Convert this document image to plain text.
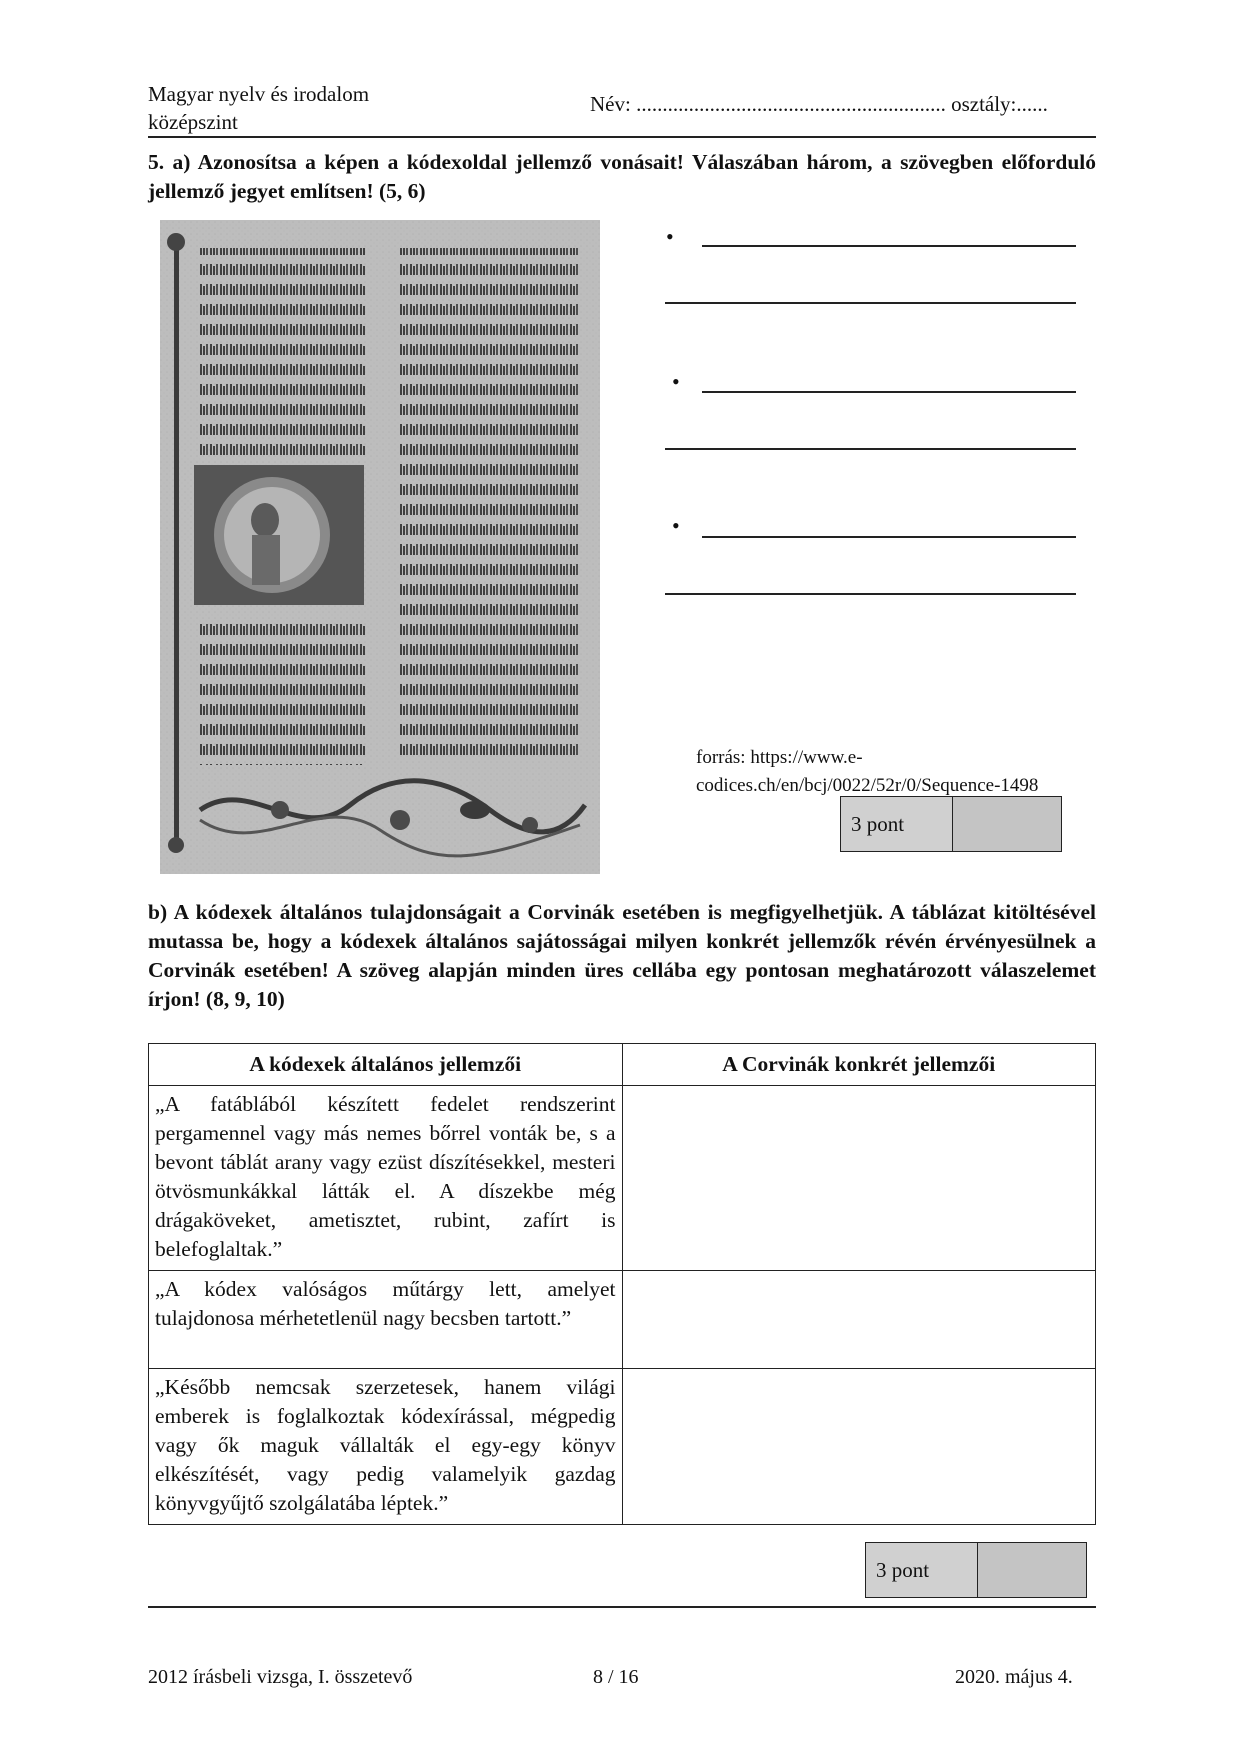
Magyar nyelv és irodalom
középszint
Név: ........................................................... osztály:......
5. a) Azonosítsa a képen a kódexoldal jellemző vonásait! Válaszában három, a szövegben előforduló jellemző jegyet említsen! (5, 6)
•
•
•
forrás: https://www.e-codices.ch/en/bcj/0022/52r/0/Sequence-1498
3 pont
b) A kódexek általános tulajdonságait a Corvinák esetében is megfigyelhetjük. A táblázat kitöltésével mutassa be, hogy a kódexek általános sajátosságai milyen konkrét jellemzők révén érvényesülnek a Corvinák esetében! A szöveg alapján minden üres cellába egy pontosan meghatározott válaszelemet írjon! (8, 9, 10)
A kódexek általános jellemzői	A Corvinák konkrét jellemzői
„A fatáblából készített fedelet rendszerint pergamennel vagy más nemes bőrrel vonták be, s a bevont táblát arany vagy ezüst díszítésekkel, mesteri ötvösmunkákkal látták el. A díszekbe még drágaköveket, ametisztet, rubint, zafírt is belefoglaltak.”	
„A kódex valóságos műtárgy lett, amelyet tulajdonosa mérhetetlenül nagy becsben tartott.”	
„Később nemcsak szerzetesek, hanem világi emberek is foglalkoztak kódexírással, mégpedig vagy ők maguk vállalták el egy-egy könyv elkészítését, vagy pedig valamelyik gazdag könyvgyűjtő szolgálatába léptek.”	
3 pont
2012 írásbeli vizsga, I. összetevő	8 / 16	2020. május 4.
